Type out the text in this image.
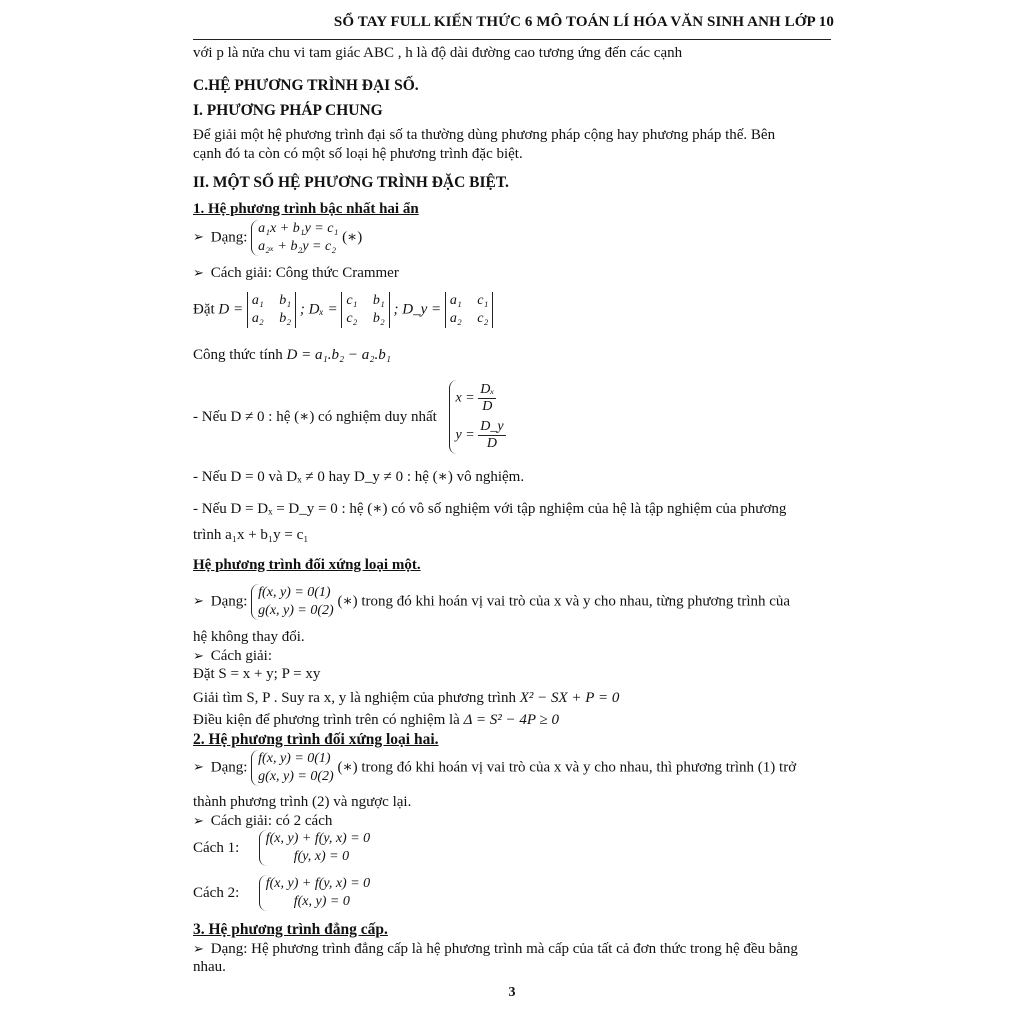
SỔ TAY FULL KIẾN THỨC 6 MÔ TOÁN LÍ HÓA VĂN SINH ANH LỚP 10
với p là nửa chu vi tam giác ABC , h là độ dài đường cao tương ứng đến các cạnh
C.HỆ PHƯƠNG TRÌNH ĐẠI SỐ.
I. PHƯƠNG PHÁP CHUNG
Để giải một hệ phương trình đại số ta thường dùng phương pháp cộng hay phương pháp thế. Bên
cạnh đó ta còn có một số loại hệ phương trình đặc biệt.
II. MỘT SỐ HỆ PHƯƠNG TRÌNH ĐẶC BIỆT.
1. Hệ phương trình bậc nhất hai ẩn
➢ Dạng:
a₁x + b₁y = c₁
a₂ₓ + b₂y = c₂
(∗)
➢ Cách giải: Công thức Crammer
Đặt D =
a₁ b₁
a₂ b₂
; Dₓ =
c₁ b₁
c₂ b₂
; D_y =
a₁ c₁
a₂ c₂
Công thức tính D = a₁.b₂ − a₂.b₁
- Nếu D ≠ 0 : hệ (∗) có nghiệm duy nhất
$x = \frac{\text{Dₓ}}{D}$
$y = \frac{D\_y}{D}$
- Nếu D = 0 và Dₓ ≠ 0 hay D_y ≠ 0 : hệ (∗) vô nghiệm.
- Nếu D = Dₓ = D_y = 0 : hệ (∗) có vô số nghiệm với tập nghiệm của hệ là tập nghiệm của phương
trình a₁x + b₁y = c₁
Hệ phương trình đối xứng loại một.
➢ Dạng:
f(x, y) = 0(1)
g(x, y) = 0(2)
(∗) trong đó khi hoán vị vai trò của x và y cho nhau, từng phương trình của
hệ không thay đổi.
➢ Cách giải:
Đặt S = x + y; P = xy
Giải tìm S, P . Suy ra x, y là nghiệm của phương trình X² − SX + P = 0
Điều kiện để phương trình trên có nghiệm là Δ = S² − 4P ≥ 0
2. Hệ phương trình đối xứng loại hai.
➢ Dạng:
f(x, y) = 0(1)
g(x, y) = 0(2)
(∗) trong đó khi hoán vị vai trò của x và y cho nhau, thì phương trình (1) trở
thành phương trình (2) và ngược lại.
➢ Cách giải: có 2 cách
Cách 1:
f(x, y) + f(y, x) = 0
f(y, x) = 0
Cách 2:
f(x, y) + f(y, x) = 0
f(x, y) = 0
3. Hệ phương trình đẳng cấp.
➢ Dạng: Hệ phương trình đẳng cấp là hệ phương trình mà cấp của tất cả đơn thức trong hệ đều bằng
nhau.
3
